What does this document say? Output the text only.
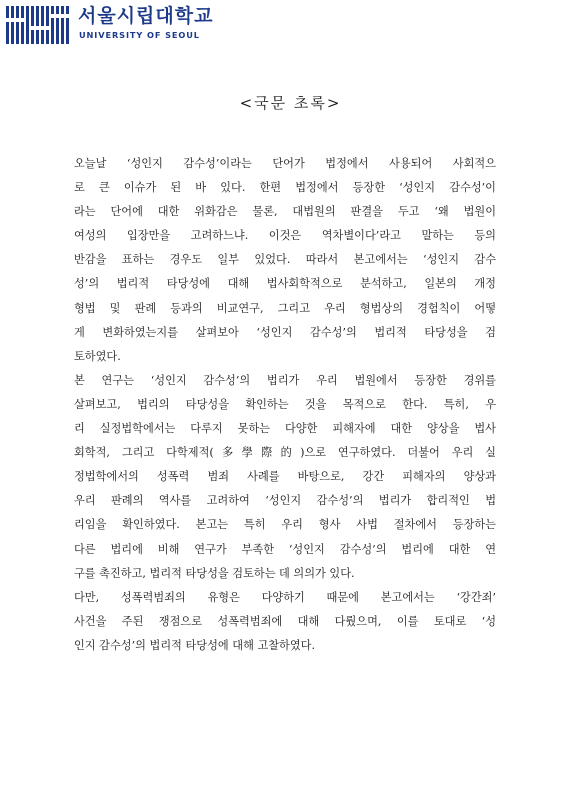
서울시립대학교
UNIVERSITY OF SEOUL
<국문 초록>
오늘날 ‘성인지 감수성’이라는 단어가 법정에서 사용되어 사회적으
로 큰 이슈가 된 바 있다. 한편 법정에서 등장한 ‘성인지 감수성’이
라는 단어에 대한 위화감은 물론, 대법원의 판결을 두고 ‘왜 법원이
여성의 입장만을 고려하느냐. 이것은 역차별이다’라고 말하는 등의
반감을 표하는 경우도 일부 있었다. 따라서 본고에서는 ‘성인지 감수
성’의 법리적 타당성에 대해 법사회학적으로 분석하고, 일본의 개정
형법 및 판례 등과의 비교연구, 그리고 우리 형법상의 경험칙이 어떻
게 변화하였는지를 살펴보아 ‘성인지 감수성’의 법리적 타당성을 검
토하였다.
본 연구는 ‘성인지 감수성’의 법리가 우리 법원에서 등장한 경위를
살펴보고, 법리의 타당성을 확인하는 것을 목적으로 한다. 특히, 우
리 실정법학에서는 다루지 못하는 다양한 피해자에 대한 양상을 법사
회학적, 그리고 다학제적(多學際的)으로 연구하였다. 더불어 우리 실
정법학에서의 성폭력 범죄 사례를 바탕으로, 강간 피해자의 양상과
우리 판례의 역사를 고려하여 ‘성인지 감수성’의 법리가 합리적인 법
리임을 확인하였다. 본고는 특히 우리 형사 사법 절차에서 등장하는
다른 법리에 비해 연구가 부족한 ‘성인지 감수성’의 법리에 대한 연
구를 촉진하고, 법리적 타당성을 검토하는 데 의의가 있다.
다만, 성폭력범죄의 유형은 다양하기 때문에 본고에서는 ‘강간죄’
사건을 주된 쟁점으로 성폭력범죄에 대해 다뤘으며, 이를 토대로 ‘성
인지 감수성’의 법리적 타당성에 대해 고찰하였다.
